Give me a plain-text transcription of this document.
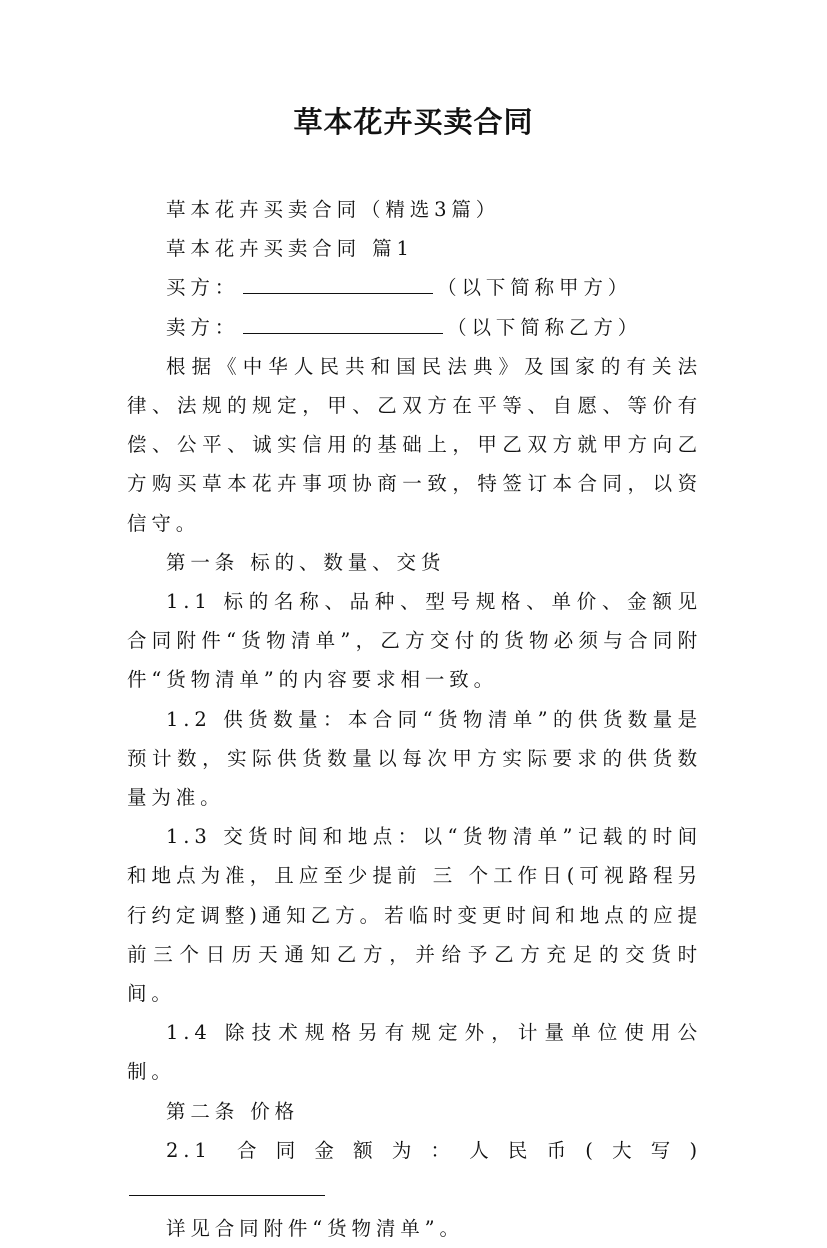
草本花卉买卖合同

草本花卉买卖合同（精选3篇）

草本花卉买卖合同 篇1

买方：	（以下简称甲方）

卖方：	（以下简称乙方）

根据《中华人民共和国民法典》及国家的有关法律、法规的规定，甲、乙双方在平等、自愿、等价有偿、公平、诚实信用的基础上，甲乙双方就甲方向乙方购买草本花卉事项协商一致，特签订本合同，以资信守。

第一条 标的、数量、交货

1.1 标的名称、品种、型号规格、单价、金额见合同附件“货物清单”，乙方交付的货物必须与合同附件“货物清单”的内容要求相一致。

1.2 供货数量：本合同“货物清单”的供货数量是预计数，实际供货数量以每次甲方实际要求的供货数量为准。

1.3 交货时间和地点：以“货物清单”记载的时间和地点为准，且应至少提前 三 个工作日(可视路程另行约定调整)通知乙方。若临时变更时间和地点的应提前三个日历天通知乙方，并给予乙方充足的交货时间。

1.4 除技术规格另有规定外，计量单位使用公制。

第二条 价格

2.1 合同金额为：人民币(大写)

详见合同附件“货物清单”。
